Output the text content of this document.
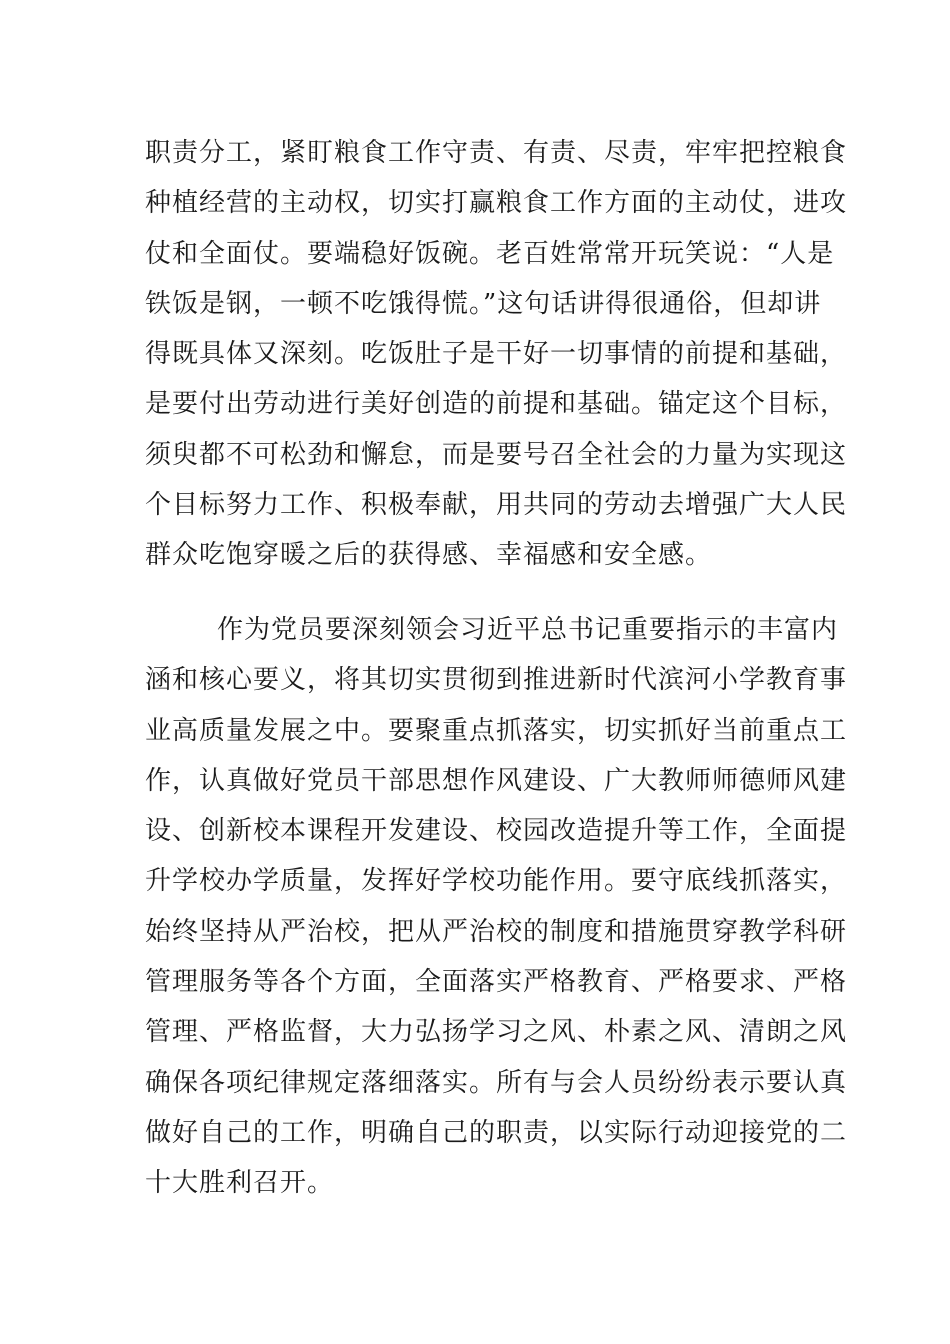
职责分工，紧盯粮食工作守责、有责、尽责，牢牢把控粮食
种植经营的主动权，切实打赢粮食工作方面的主动仗，进攻
仗和全面仗。要端稳好饭碗。老百姓常常开玩笑说：“人是
铁饭是钢，一顿不吃饿得慌。”这句话讲得很通俗，但却讲
得既具体又深刻。吃饭肚子是干好一切事情的前提和基础，
是要付出劳动进行美好创造的前提和基础。锚定这个目标，
须臾都不可松劲和懈怠，而是要号召全社会的力量为实现这
个目标努力工作、积极奉献，用共同的劳动去增强广大人民
群众吃饱穿暖之后的获得感、幸福感和安全感。
作为党员要深刻领会习近平总书记重要指示的丰富内
涵和核心要义，将其切实贯彻到推进新时代滨河小学教育事
业高质量发展之中。要聚重点抓落实，切实抓好当前重点工
作，认真做好党员干部思想作风建设、广大教师师德师风建
设、创新校本课程开发建设、校园改造提升等工作，全面提
升学校办学质量，发挥好学校功能作用。要守底线抓落实，
始终坚持从严治校，把从严治校的制度和措施贯穿教学科研
管理服务等各个方面，全面落实严格教育、严格要求、严格
管理、严格监督，大力弘扬学习之风、朴素之风、清朗之风
确保各项纪律规定落细落实。所有与会人员纷纷表示要认真
做好自己的工作，明确自己的职责，以实际行动迎接党的二
十大胜利召开。
